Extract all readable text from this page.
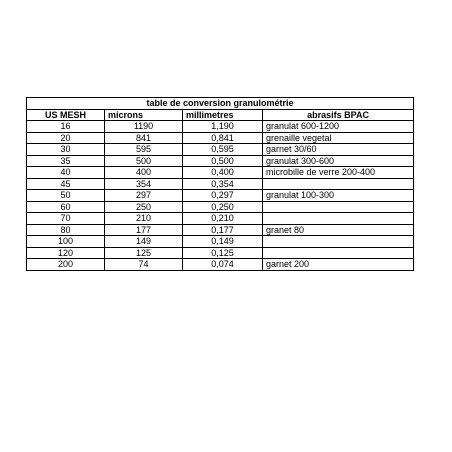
table de conversion granulométrie			
US MESH	microns	millimetres	abrasifs BPAC
16	1190	1,190	granulat 600-1200
20	841	0,841	grenaille vegetal
30	595	0,595	garnet 30/60
35	500	0,500	granulat 300-600
40	400	0,400	microbille de verre 200-400
45	354	0,354	
50	297	0,297	granulat 100-300
60	250	0,250	
70	210	0,210	
80	177	0,177	granet 80
100	149	0,149	
120	125	0,125	
200	74	0,074	garnet 200
